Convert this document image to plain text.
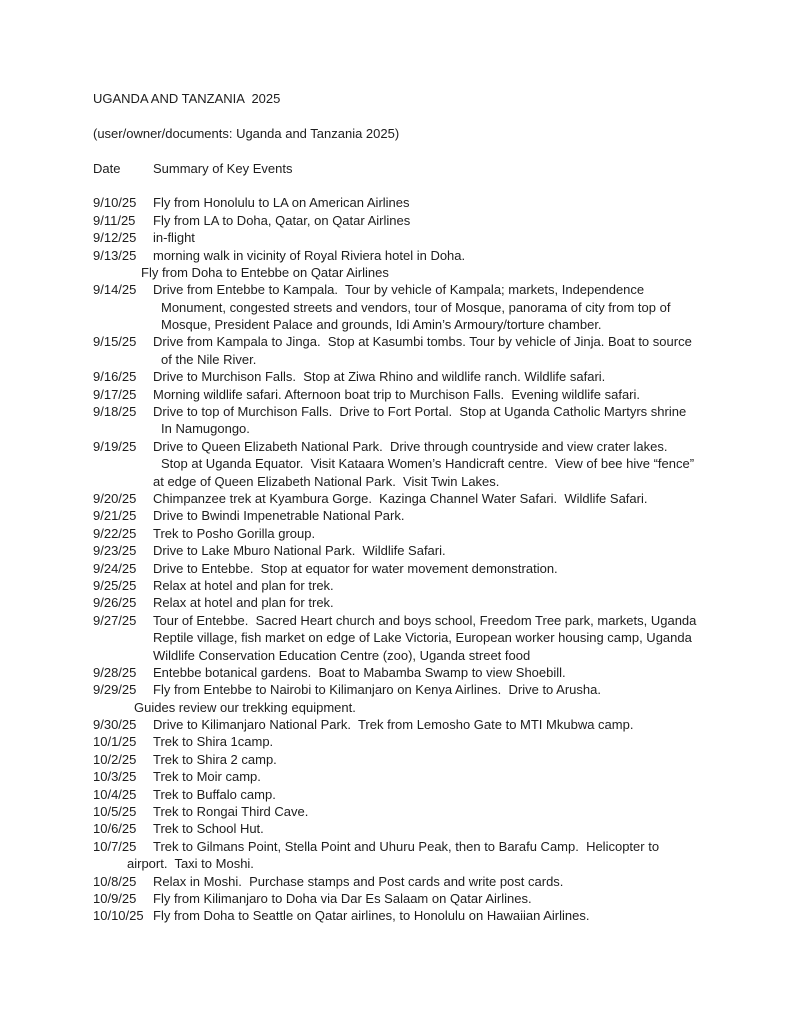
UGANDA AND TANZANIA  2025
(user/owner/documents: Uganda and Tanzania 2025)
Date	Summary of Key Events
9/10/25	Fly from Honolulu to LA on American Airlines
9/11/25	Fly from LA to Doha, Qatar, on Qatar Airlines
9/12/25	in-flight
9/13/25	morning walk in vicinity of Royal Riviera hotel in Doha.
Fly from Doha to Entebbe on Qatar Airlines
9/14/25	Drive from Entebbe to Kampala.  Tour by vehicle of Kampala; markets, Independence
Monument, congested streets and vendors, tour of Mosque, panorama of city from top of
Mosque, President Palace and grounds, Idi Amin’s Armoury/torture chamber.
9/15/25	Drive from Kampala to Jinga.  Stop at Kasumbi tombs. Tour by vehicle of Jinja. Boat to source
of the Nile River.
9/16/25	Drive to Murchison Falls.  Stop at Ziwa Rhino and wildlife ranch. Wildlife safari.
9/17/25	Morning wildlife safari. Afternoon boat trip to Murchison Falls.  Evening wildlife safari.
9/18/25	Drive to top of Murchison Falls.  Drive to Fort Portal.  Stop at Uganda Catholic Martyrs shrine
In Namugongo.
9/19/25	Drive to Queen Elizabeth National Park.  Drive through countryside and view crater lakes.
Stop at Uganda Equator.  Visit Kataara Women’s Handicraft centre.  View of bee hive “fence”
at edge of Queen Elizabeth National Park.  Visit Twin Lakes.
9/20/25	Chimpanzee trek at Kyambura Gorge.  Kazinga Channel Water Safari.  Wildlife Safari.
9/21/25	Drive to Bwindi Impenetrable National Park.
9/22/25	Trek to Posho Gorilla group.
9/23/25	Drive to Lake Mburo National Park.  Wildlife Safari.
9/24/25	Drive to Entebbe.  Stop at equator for water movement demonstration.
9/25/25	Relax at hotel and plan for trek.
9/26/25	Relax at hotel and plan for trek.
9/27/25	Tour of Entebbe.  Sacred Heart church and boys school, Freedom Tree park, markets, Uganda
Reptile village, fish market on edge of Lake Victoria, European worker housing camp, Uganda
Wildlife Conservation Education Centre (zoo), Uganda street food
9/28/25	Entebbe botanical gardens.  Boat to Mabamba Swamp to view Shoebill.
9/29/25	Fly from Entebbe to Nairobi to Kilimanjaro on Kenya Airlines.  Drive to Arusha.
Guides review our trekking equipment.
9/30/25	Drive to Kilimanjaro National Park.  Trek from Lemosho Gate to MTI Mkubwa camp.
10/1/25	Trek to Shira 1camp.
10/2/25	Trek to Shira 2 camp.
10/3/25	Trek to Moir camp.
10/4/25	Trek to Buffalo camp.
10/5/25	Trek to Rongai Third Cave.
10/6/25	Trek to School Hut.
10/7/25	Trek to Gilmans Point, Stella Point and Uhuru Peak, then to Barafu Camp.  Helicopter to
airport.  Taxi to Moshi.
10/8/25	Relax in Moshi.  Purchase stamps and Post cards and write post cards.
10/9/25	Fly from Kilimanjaro to Doha via Dar Es Salaam on Qatar Airlines.
10/10/25 Fly from Doha to Seattle on Qatar airlines, to Honolulu on Hawaiian Airlines.
